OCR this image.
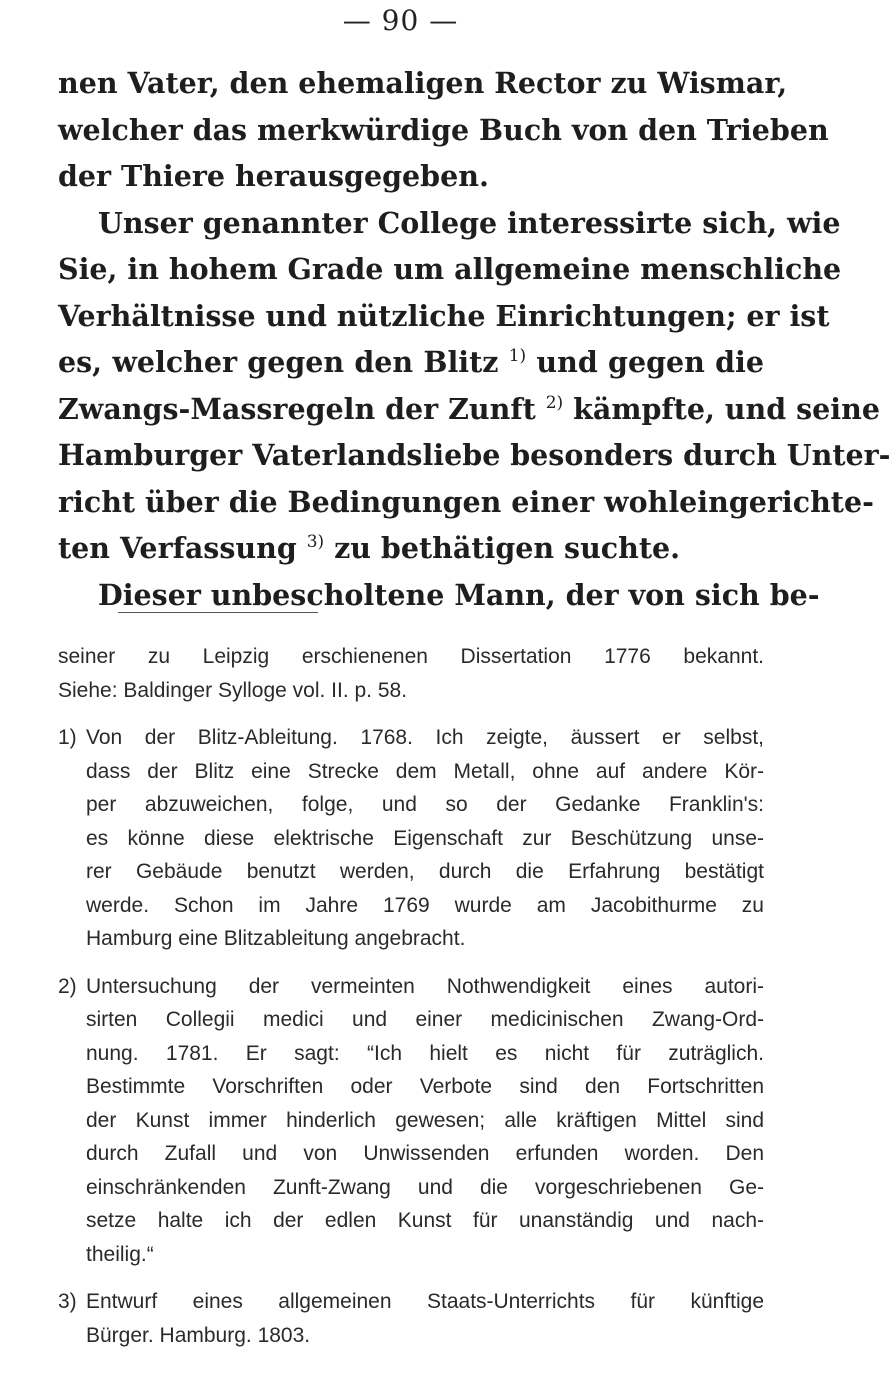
— 90 —
nen Vater, den ehemaligen Rector zu Wismar,
welcher das merkwürdige Buch von den Trieben
der Thiere herausgegeben.
Unser genannter College interessirte sich, wie
Sie, in hohem Grade um allgemeine menschliche
Verhältnisse und nützliche Einrichtungen; er ist
es, welcher gegen den Blitz $^{1)}$ und gegen die
Zwangs-Massregeln der Zunft $^{2)}$ kämpfte, und seine
Hamburger Vaterlandsliebe besonders durch Unter-
richt über die Bedingungen einer wohleingerichte-
ten Verfassung $^{3)}$ zu bethätigen suchte.
Dieser unbescholtene Mann, der von sich be-
seiner zu Leipzig erschienenen Dissertation 1776 bekannt.
Siehe: Baldinger Sylloge vol. II. p. 58.
1) Von der Blitz-Ableitung. 1768. Ich zeigte, äussert er selbst,
dass der Blitz eine Strecke dem Metall, ohne auf andere Kör-
per abzuweichen, folge, und so der Gedanke Franklin's:
es könne diese elektrische Eigenschaft zur Beschützung unse-
rer Gebäude benutzt werden, durch die Erfahrung bestätigt
werde. Schon im Jahre 1769 wurde am Jacobithurme zu
Hamburg eine Blitzableitung angebracht.
2) Untersuchung der vermeinten Nothwendigkeit eines autori-
sirten Collegii medici und einer medicinischen Zwang-Ord-
nung. 1781. Er sagt: “Ich hielt es nicht für zuträglich.
Bestimmte Vorschriften oder Verbote sind den Fortschritten
der Kunst immer hinderlich gewesen; alle kräftigen Mittel sind
durch Zufall und von Unwissenden erfunden worden. Den
einschränkenden Zunft-Zwang und die vorgeschriebenen Ge-
setze halte ich der edlen Kunst für unanständig und nach-
theilig.“
3) Entwurf eines allgemeinen Staats-Unterrichts für künftige
Bürger. Hamburg. 1803.
